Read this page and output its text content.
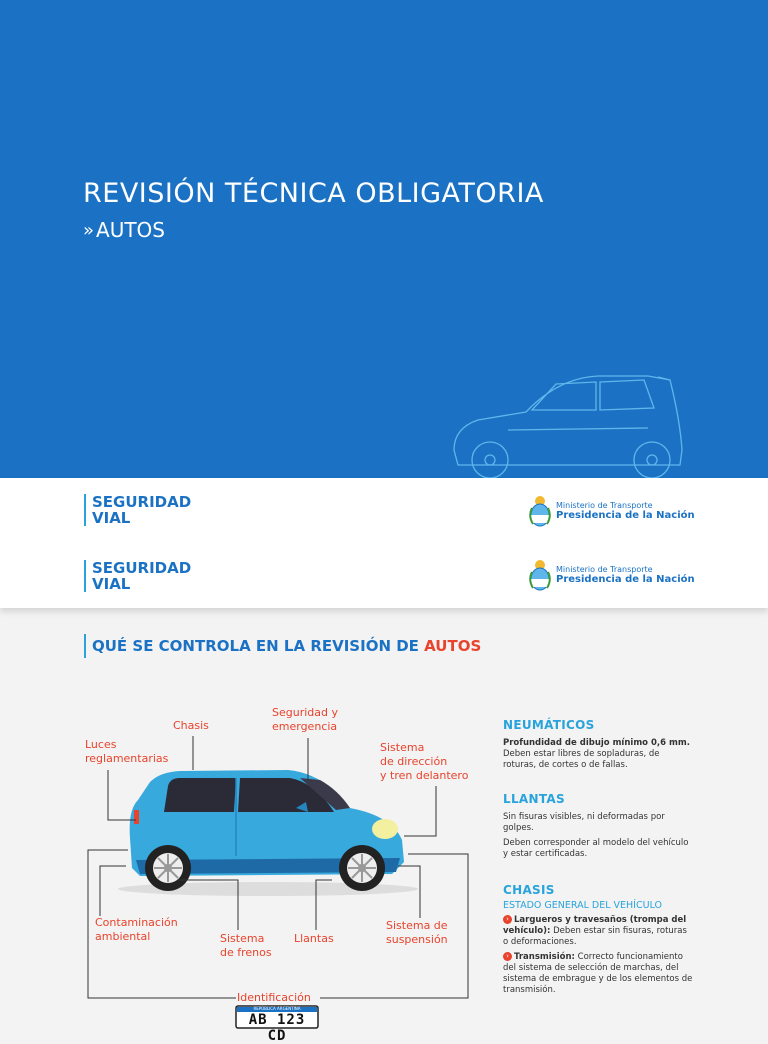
REVISIÓN TÉCNICA OBLIGATORIA
» AUTOS
SEGURIDAD
VIAL
Ministerio de Transporte
Presidencia de la Nación
SEGURIDAD
VIAL
Ministerio de Transporte
Presidencia de la Nación
QUÉ SE CONTROLA EN LA REVISIÓN DE AUTOS
REPÚBLICA ARGENTINA
AB 123 CD
Chasis
Seguridad y
emergencia
Luces
reglamentarias
Sistema
de dirección
y tren delantero
Contaminación
ambiental	Sistema
de frenos
Llantas
Sistema de
suspensión
Identificación
NEUMÁTICOS
Profundidad de dibujo mínimo 0,6 mm.
Deben estar libres de sopladuras, de roturas, de cortes o de fallas.
LLANTAS
Sin fisuras visibles, ni deformadas por golpes.
Deben corresponder al modelo del vehículo y estar certificadas.
CHASIS
ESTADO GENERAL DEL VEHÍCULO
› Largueros y travesaños (trompa del vehículo): Deben estar sin fisuras, roturas o deformaciones.
› Transmisión: Correcto funcionamiento del sistema de selección de marchas, del sistema de embrague y de los elementos de transmisión.
